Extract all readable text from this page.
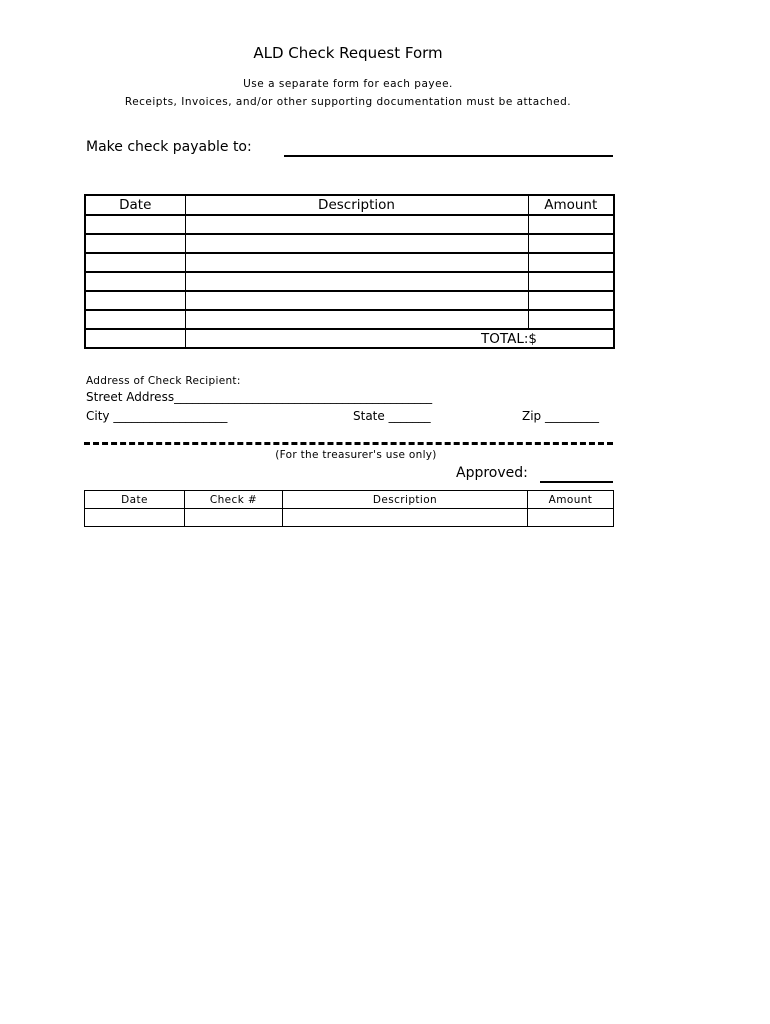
ALD Check Request Form
Use a separate form for each payee.
Receipts, Invoices, and/or other supporting documentation must be attached.
Make check payable to:
Date	Description	Amount

	TOTAL:$	
Address of Check Recipient:
Street Address___________________________________________
City ___________________	State _______	Zip _________
(For the treasurer's use only)
Approved:
Date	Check #	Description	Amount
